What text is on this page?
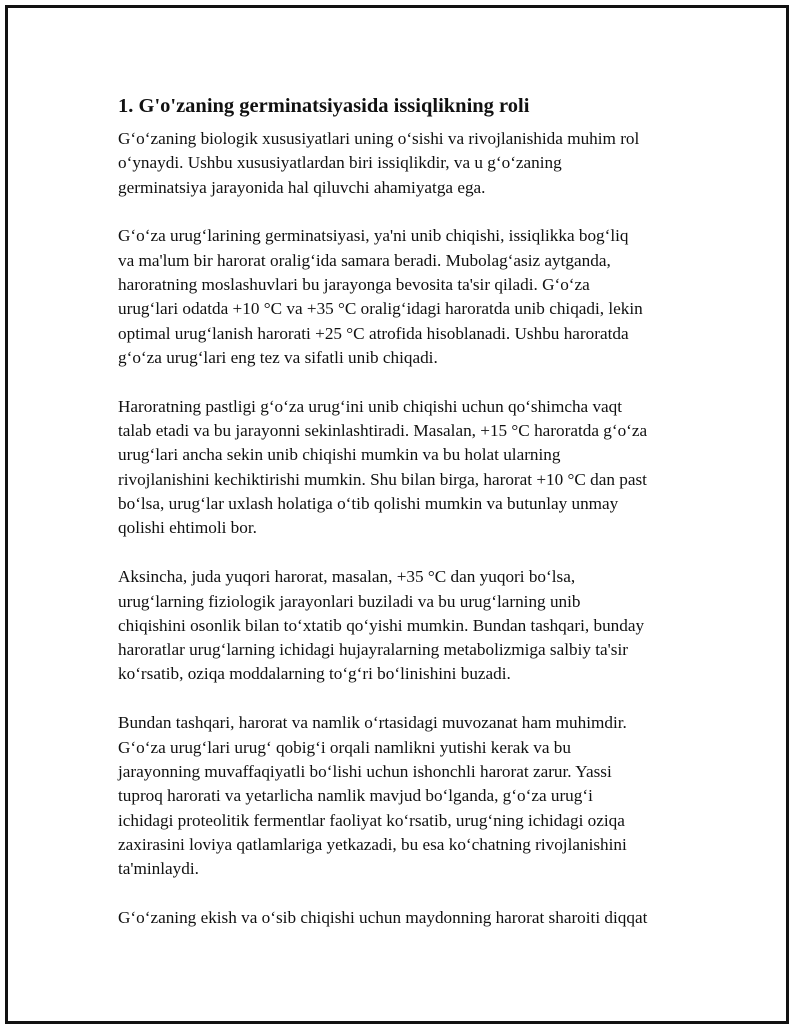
1. G'o'zaning germinatsiyasida issiqlikning roli

G‘o‘zaning biologik xususiyatlari uning o‘sishi va rivojlanishida muhim rol
o‘ynaydi. Ushbu xususiyatlardan biri issiqlikdir, va u g‘o‘zaning
germinatsiya jarayonida hal qiluvchi ahamiyatga ega.

G‘o‘za urug‘larining germinatsiyasi, ya'ni unib chiqishi, issiqlikka bog‘liq
va ma'lum bir harorat oralig‘ida samara beradi. Mubolag‘asiz aytganda,
haroratning moslashuvlari bu jarayonga bevosita ta'sir qiladi. G‘o‘za
urug‘lari odatda +10 °C va +35 °C oralig‘idagi haroratda unib chiqadi, lekin
optimal urug‘lanish harorati +25 °C atrofida hisoblanadi. Ushbu haroratda
g‘o‘za urug‘lari eng tez va sifatli unib chiqadi.

Haroratning pastligi g‘o‘za urug‘ini unib chiqishi uchun qo‘shimcha vaqt
talab etadi va bu jarayonni sekinlashtiradi. Masalan, +15 °C haroratda g‘o‘za
urug‘lari ancha sekin unib chiqishi mumkin va bu holat ularning
rivojlanishini kechiktirishi mumkin. Shu bilan birga, harorat +10 °C dan past
bo‘lsa, urug‘lar uxlash holatiga o‘tib qolishi mumkin va butunlay unmay
qolishi ehtimoli bor.

Aksincha, juda yuqori harorat, masalan, +35 °C dan yuqori bo‘lsa,
urug‘larning fiziologik jarayonlari buziladi va bu urug‘larning unib
chiqishini osonlik bilan to‘xtatib qo‘yishi mumkin. Bundan tashqari, bunday
haroratlar urug‘larning ichidagi hujayralarning metabolizmiga salbiy ta'sir
ko‘rsatib, oziqa moddalarning to‘g‘ri bo‘linishini buzadi.

Bundan tashqari, harorat va namlik o‘rtasidagi muvozanat ham muhimdir.
G‘o‘za urug‘lari urug‘ qobig‘i orqali namlikni yutishi kerak va bu
jarayonning muvaffaqiyatli bo‘lishi uchun ishonchli harorat zarur. Yassi
tuproq harorati va yetarlicha namlik mavjud bo‘lganda, g‘o‘za urug‘i
ichidagi proteolitik fermentlar faoliyat ko‘rsatib, urug‘ning ichidagi oziqa
zaxirasini loviya qatlamlariga yetkazadi, bu esa ko‘chatning rivojlanishini
ta'minlaydi.

G‘o‘zaning ekish va o‘sib chiqishi uchun maydonning harorat sharoiti diqqat
